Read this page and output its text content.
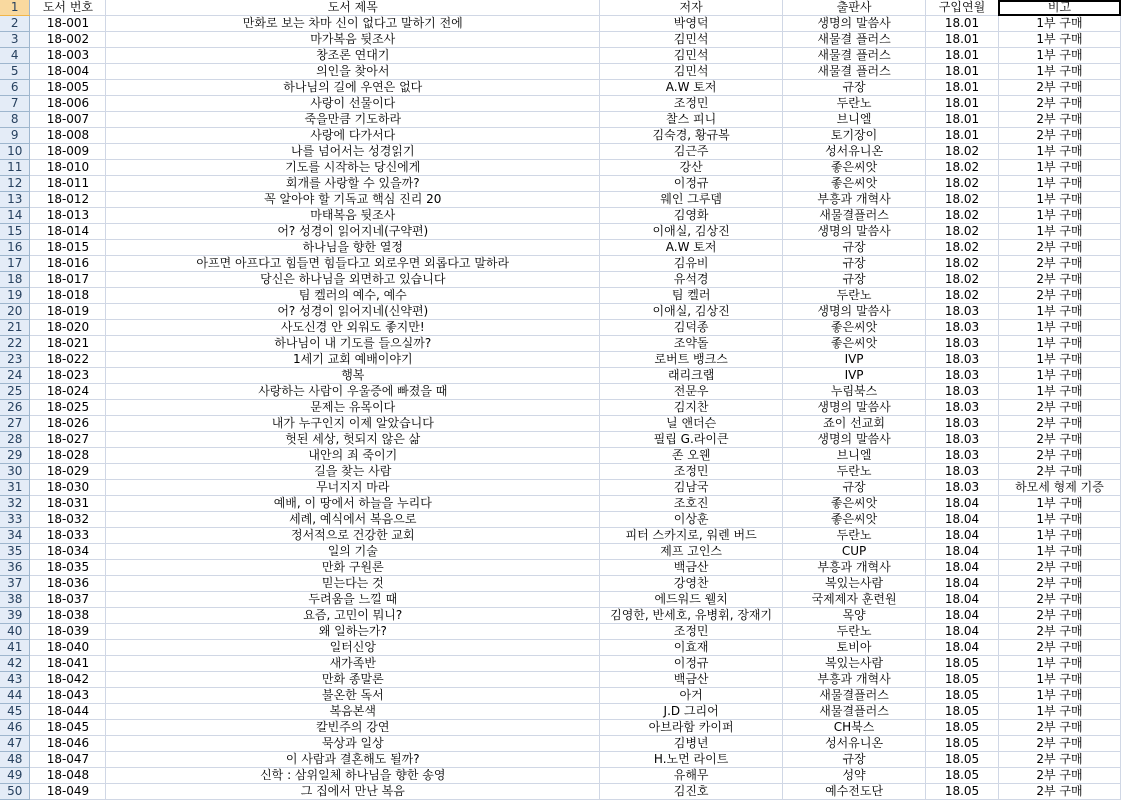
1	도서 번호	도서 제목	저자	출판사	구입연월	비고
2	18-001	만화로 보는 차마 신이 없다고 말하기 전에	박영덕	생명의 말씀사	18.01	1부 구매
3	18-002	마가복음 뒷조사	김민석	새물결 플러스	18.01	1부 구매
4	18-003	창조론 연대기	김민석	새물결 플러스	18.01	1부 구매
5	18-004	의인을 찾아서	김민석	새물결 플러스	18.01	1부 구매
6	18-005	하나님의 길에 우연은 없다	A.W 토저	규장	18.01	2부 구매
7	18-006	사랑이 선물이다	조정민	두란노	18.01	2부 구매
8	18-007	죽을만큼 기도하라	찰스 피니	브니엘	18.01	2부 구매
9	18-008	사랑에 다가서다	김숙경, 황규복	토기장이	18.01	2부 구매
10	18-009	나를 넘어서는 성경읽기	김근주	성서유니온	18.02	1부 구매
11	18-010	기도를 시작하는 당신에게	강산	좋은씨앗	18.02	1부 구매
12	18-011	회개를 사랑할 수 있을까?	이정규	좋은씨앗	18.02	1부 구매
13	18-012	꼭 알아야 할 기독교 핵심 진리 20	웨인 그루뎀	부흥과 개혁사	18.02	1부 구매
14	18-013	마태복음 뒷조사	김영화	새물결플러스	18.02	1부 구매
15	18-014	어? 성경이 읽어지네(구약편)	이애실, 김상진	생명의 말씀사	18.02	1부 구매
16	18-015	하나님을 향한 열정	A.W 토저	규장	18.02	2부 구매
17	18-016	아프면 아프다고 힘들면 힘들다고 외로우면 외롭다고 말하라	김유비	규장	18.02	2부 구매
18	18-017	당신은 하나님을 외면하고 있습니다	유석경	규장	18.02	2부 구매
19	18-018	팀 켈러의 예수, 예수	팀 켈러	두란노	18.02	2부 구매
20	18-019	어? 성경이 읽어지네(신약편)	이애실, 김상진	생명의 말씀사	18.03	1부 구매
21	18-020	사도신경 안 외워도 좋지만!	김덕종	좋은씨앗	18.03	1부 구매
22	18-021	하나님이 내 기도를 들으실까?	조약돌	좋은씨앗	18.03	1부 구매
23	18-022	1세기 교회 예배이야기	로버트 뱅크스	IVP	18.03	1부 구매
24	18-023	행복	래리크랩	IVP	18.03	1부 구매
25	18-024	사랑하는 사람이 우울증에 빠졌을 때	전문우	누림북스	18.03	1부 구매
26	18-025	문제는 유목이다	김지찬	생명의 말씀사	18.03	2부 구매
27	18-026	내가 누구인지 이제 알았습니다	닐 앤더슨	죠이 선교회	18.03	2부 구매
28	18-027	헛된 세상, 헛되지 않은 삶	필립 G.라이큰	생명의 말씀사	18.03	2부 구매
29	18-028	내안의 죄 죽이기	존 오웬	브니엘	18.03	2부 구매
30	18-029	길을 찾는 사람	조정민	두란노	18.03	2부 구매
31	18-030	무너지지 마라	김남국	규장	18.03	하모세 형제 기증
32	18-031	예배, 이 땅에서 하늘을 누리다	조호진	좋은씨앗	18.04	1부 구매
33	18-032	세례, 예식에서 복음으로	이상훈	좋은씨앗	18.04	1부 구매
34	18-033	정서적으로 건강한 교회	피터 스카지로, 워렌 버드	두란노	18.04	1부 구매
35	18-034	일의 기술	제프 고인스	CUP	18.04	1부 구매
36	18-035	만화 구원론	백금산	부흥과 개혁사	18.04	2부 구매
37	18-036	믿는다는 것	강영찬	복있는사람	18.04	2부 구매
38	18-037	두려움을 느낄 때	에드워드 웰치	국제제자 훈련원	18.04	2부 구매
39	18-038	요즘, 고민이 뭐니?	김영한, 반세호, 유병휘, 장재기	목양	18.04	2부 구매
40	18-039	왜 일하는가?	조정민	두란노	18.04	2부 구매
41	18-040	일터신앙	이효재	토비아	18.04	2부 구매
42	18-041	새가족반	이정규	복있는사람	18.05	1부 구매
43	18-042	만화 종말론	백금산	부흥과 개혁사	18.05	1부 구매
44	18-043	불온한 독서	아거	새물결플러스	18.05	1부 구매
45	18-044	복음본색	J.D 그리어	새물결플러스	18.05	1부 구매
46	18-045	칼빈주의 강연	아브라함 카이퍼	CH북스	18.05	2부 구매
47	18-046	묵상과 일상	김병년	성서유니온	18.05	2부 구매
48	18-047	이 사람과 결혼해도 될까?	H.노먼 라이트	규장	18.05	2부 구매
49	18-048	신학 : 삼위일체 하나님을 향한 송영	유해무	성약	18.05	2부 구매
50	18-049	그 집에서 만난 복음	김진호	예수전도단	18.05	2부 구매
